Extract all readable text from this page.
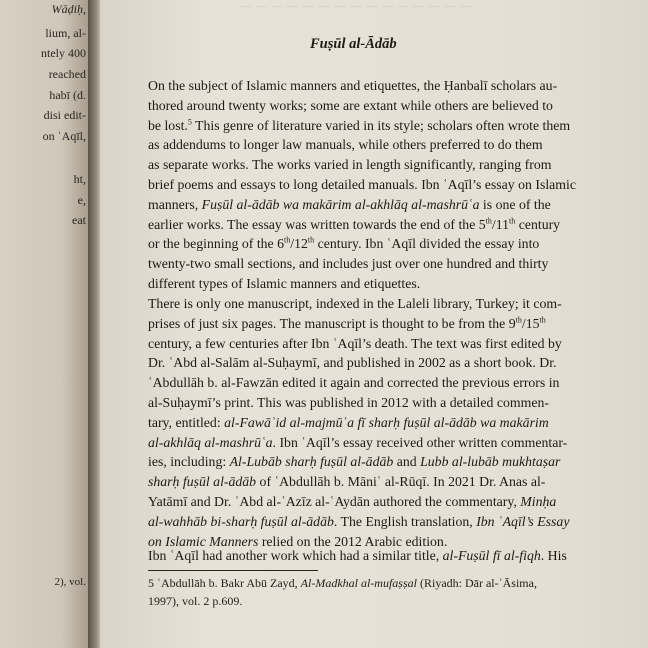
Wāḍiḥ,
lium, al-
ntely 400
reached
habī (d.
disi edit-
on ʿAqīl,
ht,
e,
eat
2), vol.
— — — — — — — — — — — — — — —
Fuṣūl al-Ādāb
On the subject of Islamic manners and etiquettes, the Ḥanbalī scholars au-
thored around twenty works; some are extant while others are believed to
be lost.$^5$ This genre of literature varied in its style; scholars often wrote them
as addendums to longer law manuals, while others preferred to do them
as separate works. The works varied in length significantly, ranging from
brief poems and essays to long detailed manuals. Ibn ʿAqīl’s essay on Islamic
manners, Fuṣūl al-ādāb wa makārim al-akhlāq al-mashrūʿa is one of the
earlier works. The essay was written towards the end of the 5th/11th century
or the beginning of the 6th/12th century. Ibn ʿAqīl divided the essay into
twenty-two small sections, and includes just over one hundred and thirty
different types of Islamic manners and etiquettes.
There is only one manuscript, indexed in the Laleli library, Turkey; it com-
prises of just six pages. The manuscript is thought to be from the 9th/15th
century, a few centuries after Ibn ʿAqīl’s death. The text was first edited by
Dr. ʿAbd al-Salām al-Suḥaymī, and published in 2002 as a short book. Dr.
ʿAbdullāh b. al-Fawzān edited it again and corrected the previous errors in
al-Suḥaymī’s print. This was published in 2012 with a detailed commen-
tary, entitled: al-Fawāʾid al-majmūʿa fī sharḥ fuṣūl al-ādāb wa makārim
al-akhlāq al-mashrūʿa. Ibn ʿAqīl’s essay received other written commentar-
ies, including: Al-Lubāb sharḥ fuṣūl al-ādāb and Lubb al-lubāb mukhtaṣar
sharḥ fuṣūl al-ādāb of ʿAbdullāh b. Māniʿ al-Rūqī. In 2021 Dr. Anas al-
Yatāmī and Dr. ʿAbd al-ʿAzīz al-ʿAydān authored the commentary, Minḥa
al-wahhāb bi-sharḥ fuṣūl al-ādāb. The English translation, Ibn ʿAqīl’s Essay
on Islamic Manners relied on the 2012 Arabic edition.
Ibn ʿAqīl had another work which had a similar title, al-Fuṣūl fī al-fiqh. His
5 ʿAbdullāh b. Bakr Abū Zayd, Al-Madkhal al-mufaṣṣal (Riyadh: Dār al-ʿĀsima,
1997), vol. 2 p.609.
